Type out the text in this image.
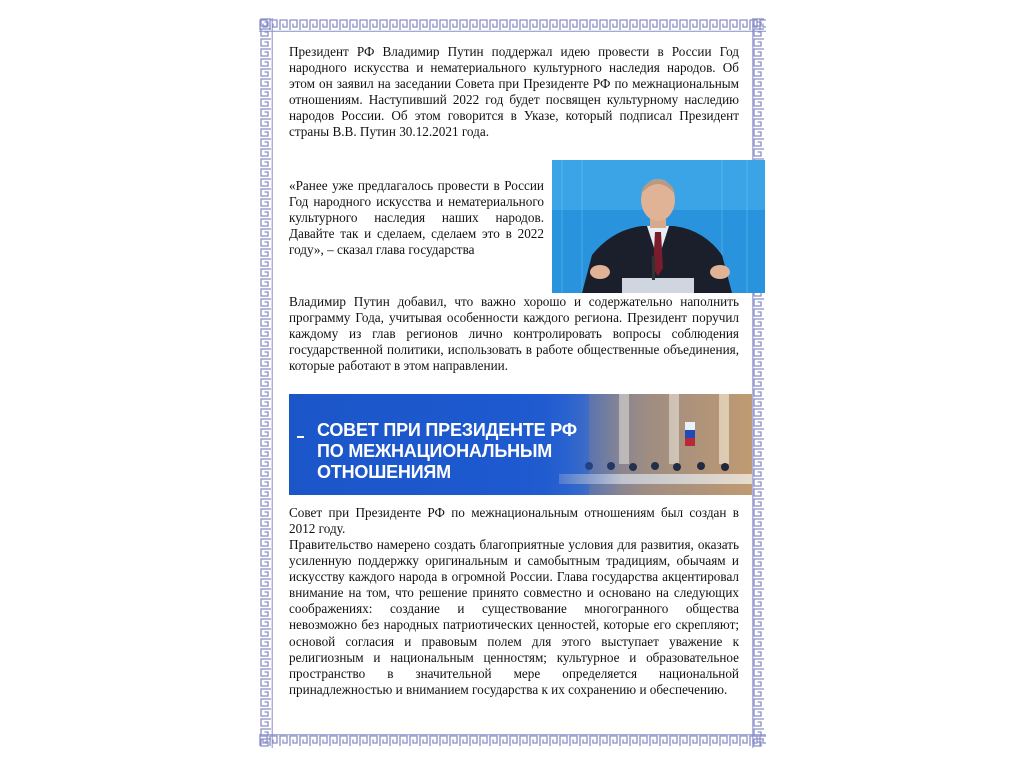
Президент РФ Владимир Путин поддержал идею провести в России Год народного искусства и нематериального культурного наследия народов. Об этом он заявил на заседании Совета при Президенте РФ по межнациональным отношениям. Наступивший 2022 год будет посвящен культурному наследию народов России. Об этом говорится в Указе, который подписал Президент страны В.В. Путин 30.12.2021 года.
«Ранее уже предлагалось провести в России Год народного искусства и нематериального культурного наследия наших народов. Давайте так и сделаем, сделаем это в 2022 году», – сказал глава государства
Владимир Путин добавил, что важно хорошо и содержательно наполнить программу Года, учитывая особенности каждого региона. Президент поручил каждому из глав регионов лично контролировать вопросы соблюдения государственной политики, использовать в работе общественные объединения, которые работают в этом направлении.
СОВЕТ ПРИ ПРЕЗИДЕНТЕ РФ
ПО МЕЖНАЦИОНАЛЬНЫМ
ОТНОШЕНИЯМ
Совет при Президенте РФ по межнациональным отношениям был создан в 2012 году.
Правительство намерено создать благоприятные условия для развития, оказать усиленную поддержку оригинальным и самобытным традициям, обычаям и искусству каждого народа в огромной России. Глава государства акцентировал внимание на том, что решение принято совместно и основано на следующих соображениях: создание и существование многогранного общества невозможно без народных патриотических ценностей, которые его скрепляют; основой согласия и правовым полем для этого выступает уважение к религиозным и национальным ценностям; культурное и образовательное пространство в значительной мере определяется национальной принадлежностью и вниманием государства к их сохранению и обеспечению.
